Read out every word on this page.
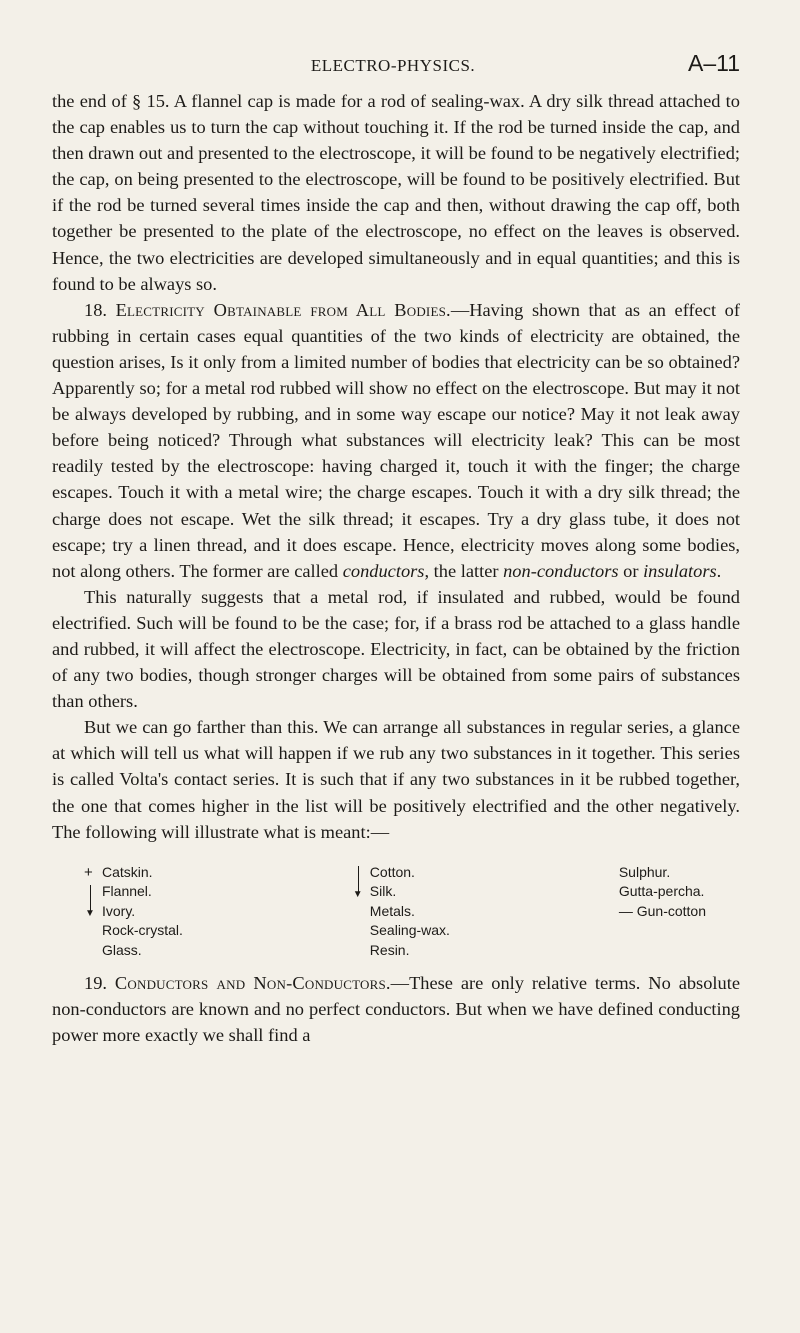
ELECTRO-PHYSICS.	A–11

the end of § 15. A flannel cap is made for a rod of sealing-wax. A dry silk thread attached to the cap enables us to turn the cap without touching it. If the rod be turned inside the cap, and then drawn out and presented to the electroscope, it will be found to be negatively electrified; the cap, on being presented to the electroscope, will be found to be positively electrified. But if the rod be turned several times inside the cap and then, without drawing the cap off, both together be presented to the plate of the electroscope, no effect on the leaves is observed. Hence, the two electricities are developed simultaneously and in equal quantities; and this is found to be always so.

18. Electricity Obtainable from All Bodies.—Having shown that as an effect of rubbing in certain cases equal quantities of the two kinds of electricity are obtained, the question arises, Is it only from a limited number of bodies that electricity can be so obtained? Apparently so; for a metal rod rubbed will show no effect on the electroscope. But may it not be always developed by rubbing, and in some way escape our notice? May it not leak away before being noticed? Through what substances will electricity leak? This can be most readily tested by the electroscope: having charged it, touch it with the finger; the charge escapes. Touch it with a metal wire; the charge escapes. Touch it with a dry silk thread; the charge does not escape. Wet the silk thread; it escapes. Try a dry glass tube, it does not escape; try a linen thread, and it does escape. Hence, electricity moves along some bodies, not along others. The former are called conductors, the latter non-conductors or insulators.

This naturally suggests that a metal rod, if insulated and rubbed, would be found electrified. Such will be found to be the case; for, if a brass rod be attached to a glass handle and rubbed, it will affect the electroscope. Electricity, in fact, can be obtained by the friction of any two bodies, though stronger charges will be obtained from some pairs of substances than others.

But we can go farther than this. We can arrange all substances in regular series, a glance at which will tell us what will happen if we rub any two substances in it together. This series is called Volta's contact series. It is such that if any two substances in it be rubbed together, the one that comes higher in the list will be positively electrified and the other negatively. The following will illustrate what is meant:—

+
▼
Catskin.
Flannel.
Ivory.
Rock-crystal.
Glass.
▼
Cotton.
Silk.
Metals.
Sealing-wax.
Resin.
Sulphur.
Gutta-percha.
— Gun-cotton

19. Conductors and Non-Conductors.—These are only relative terms. No absolute non-conductors are known and no perfect conductors. But when we have defined conducting power more exactly we shall find a
